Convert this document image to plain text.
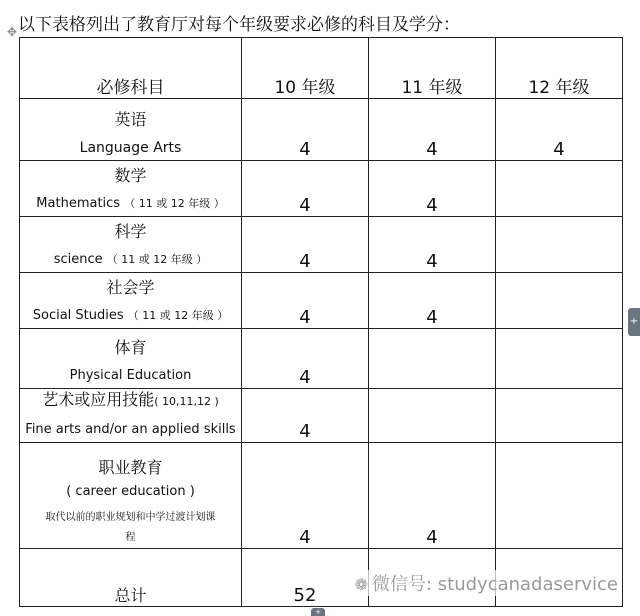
以下表格列出了教育厅对每个年级要求必修的科目及学分：
✥
必修科目	10 年级	11 年级	12 年级

英语
Language Arts	4	4	4

数学
Mathematics （ 11 或 12 年级 ）	4	4	

科学
science （ 11 或 12 年级 ）	4	4	

社会学
Social Studies （ 11 或 12 年级 ）	4	4	

体育
Physical Education	4		

艺术或应用技能( 10,11,12 )
Fine arts and/or an applied skills	4		

职业教育
( career education )
取代以前的职业规划和中学过渡计划课
程	4	4	
总计	52		
❁ 微信号: studycanadaservice
+
+
